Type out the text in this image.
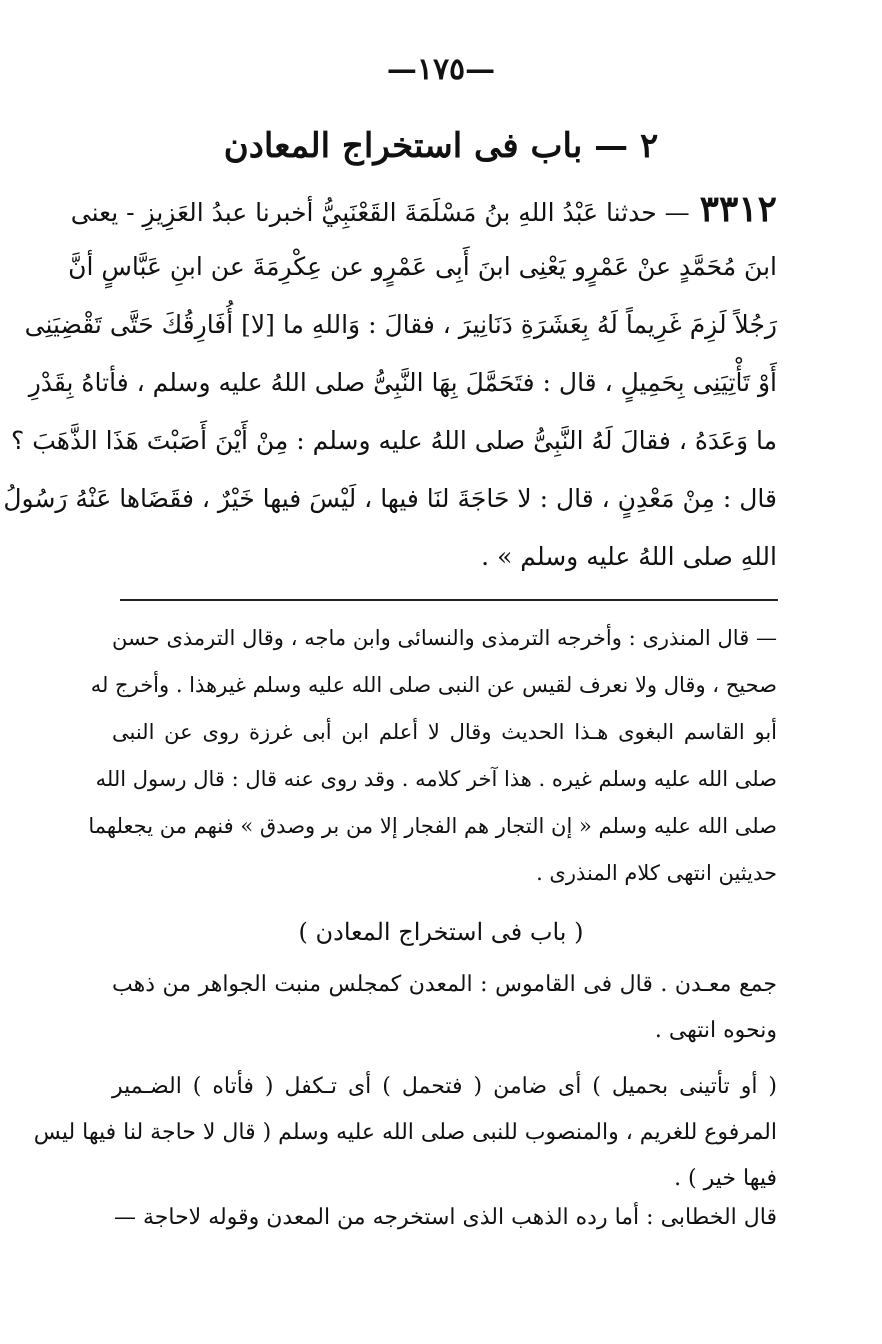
—١٧٥—
٢ — باب فى استخراج المعادن
٣٣١٢— حدثنا عَبْدُ اللهِ بنُ مَسْلَمَةَ القَعْنَبِيُّ أخبرنا عبدُ العَزِيزِ - يعنى
ابنَ مُحَمَّدٍ عنْ عَمْرٍو يَعْنِى ابنَ أَبِى عَمْرٍو عن عِكْرِمَةَ عن ابنِ عَبَّاسٍ أنَّ
رَجُلاً لَزِمَ غَرِيماً لَهُ بِعَشَرَةِ دَنَانِيرَ ، فقالَ : وَاللهِ ما [لا] أُفَارِقُكَ حَتَّى تَقْضِيَنِى
أَوْ تَأْتِيَنِى بِحَمِيلٍ ، قال : فتَحَمَّلَ بِهَا النَّبِىُّ صلى اللهُ عليه وسلم ، فأتاهُ بِقَدْرِ
ما وَعَدَهُ ، فقالَ لَهُ النَّبِىُّ صلى اللهُ عليه وسلم : مِنْ أَيْنَ أَصَبْتَ هَذَا الذَّهَبَ ؟
قال : مِنْ مَعْدِنٍ ، قال : لا حَاجَةَ لنَا فيها ، لَيْسَ فيها خَيْرٌ ، فقَضَاها عَنْهُ رَسُولُ
اللهِ صلى اللهُ عليه وسلم » .
— قال المنذرى : وأخرجه الترمذى والنسائى وابن ماجه ، وقال الترمذى حسن
صحيح ، وقال ولا نعرف لقيس عن النبى صلى الله عليه وسلم غيرهذا . وأخرج له
أبو القاسم البغوى هـذا الحديث وقال لا أعلم ابن أبى غرزة روى عن النبى
صلى الله عليه وسلم غيره . هذا آخر كلامه . وقد روى عنه قال : قال رسول الله
صلى الله عليه وسلم « إن التجار هم الفجار إلا من بر وصدق » فنهم من يجعلهما
حديثين انتهى كلام المنذرى .
( باب فى استخراج المعادن )
جمع معـدن . قال فى القاموس : المعدن كمجلس منبت الجواهر من ذهب
ونحوه انتهى .
( أو تأتينى بحميل ) أى ضامن ( فتحمل ) أى تـكفل ( فأتاه ) الضـمير
المرفوع للغريم ، والمنصوب للنبى صلى الله عليه وسلم ( قال لا حاجة لنا فيها ليس
فيها خير ) .
قال الخطابى : أما رده الذهب الذى استخرجه من المعدن وقوله لاحاجة —
